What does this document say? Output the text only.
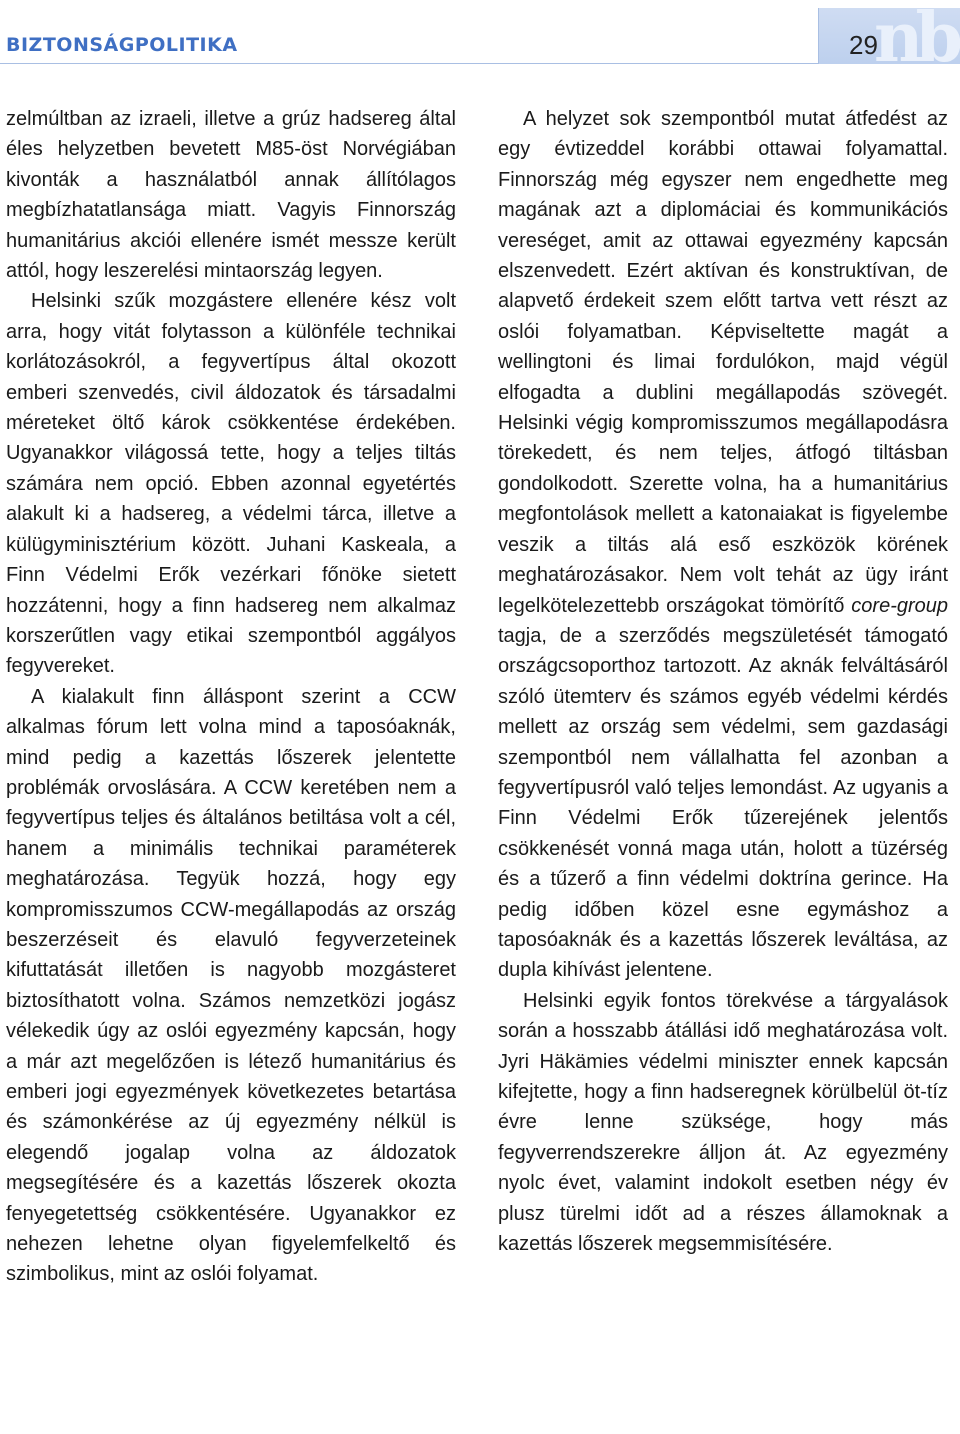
BIZTONSÁGPOLITIKA	nb
29

zelmúltban az izraeli, illetve a grúz hadsereg által éles helyzetben bevetett M85-öst Norvégiában kivonták a használatból annak állítólagos megbízhatatlansága miatt. Vagyis Finnország humanitárius akciói ellenére ismét messze került attól, hogy leszerelési mintaország legyen.

Helsinki szűk mozgástere ellenére kész volt arra, hogy vitát folytasson a különféle technikai korlátozásokról, a fegyvertípus által okozott emberi szenvedés, civil áldozatok és társadalmi méreteket öltő károk csökkentése érdekében. Ugyanakkor világossá tette, hogy a teljes tiltás számára nem opció. Ebben azonnal egyetértés alakult ki a hadsereg, a védelmi tárca, illetve a külügyminisztérium között. Juhani Kaskeala, a Finn Védelmi Erők vezérkari főnöke sietett hozzátenni, hogy a finn hadsereg nem alkalmaz korszerűtlen vagy etikai szempontból aggályos fegyvereket.

A kialakult finn álláspont szerint a CCW alkalmas fórum lett volna mind a taposóaknák, mind pedig a kazettás lőszerek jelentette problémák orvoslására. A CCW keretében nem a fegyvertípus teljes és általános betiltása volt a cél, hanem a minimális technikai paraméterek meghatározása. Tegyük hozzá, hogy egy kompromisszumos CCW-megállapodás az ország beszerzéseit és elavuló fegyverzeteinek kifuttatását illetően is nagyobb mozgásteret biztosíthatott volna. Számos nemzetközi jogász vélekedik úgy az oslói egyezmény kapcsán, hogy a már azt megelőzően is létező humanitárius és emberi jogi egyezmények következetes betartása és számonkérése az új egyezmény nélkül is elegendő jogalap volna az áldozatok megsegítésére és a kazettás lőszerek okozta fenyegetettség csökkentésére. Ugyanakkor ez nehezen lehetne olyan figyelemfelkeltő és szimbolikus, mint az oslói folyamat.

A helyzet sok szempontból mutat átfedést az egy évtizeddel korábbi ottawai folyamattal. Finnország még egyszer nem engedhette meg magának azt a diplomáciai és kommunikációs vereséget, amit az ottawai egyezmény kapcsán elszenvedett. Ezért aktívan és konstruktívan, de alapvető érdekeit szem előtt tartva vett részt az oslói folyamatban. Képviseltette magát a wellingtoni és limai fordulókon, majd végül elfogadta a dublini megállapodás szövegét. Helsinki végig kompromisszumos megállapodásra törekedett, és nem teljes, átfogó tiltásban gondolkodott. Szerette volna, ha a humanitárius megfontolások mellett a katonaiakat is figyelembe veszik a tiltás alá eső eszközök körének meghatározásakor. Nem volt tehát az ügy iránt legelkötelezettebb országokat tömörítő core-group tagja, de a szerződés megszületését támogató országcsoporthoz tartozott. Az aknák felváltásáról szóló ütemterv és számos egyéb védelmi kérdés mellett az ország sem védelmi, sem gazdasági szempontból nem vállalhatta fel azonban a fegyvertípusról való teljes lemondást. Az ugyanis a Finn Védelmi Erők tűzerejének jelentős csökkenését vonná maga után, holott a tüzérség és a tűzerő a finn védelmi doktrína gerince. Ha pedig időben közel esne egymáshoz a taposóaknák és a kazettás lőszerek leváltása, az dupla kihívást jelentene.

Helsinki egyik fontos törekvése a tárgyalások során a hosszabb átállási idő meghatározása volt. Jyri Häkämies védelmi miniszter ennek kapcsán kifejtette, hogy a finn hadseregnek körülbelül öt-tíz évre lenne szüksége, hogy más fegyverrendszerekre álljon át. Az egyezmény nyolc évet, valamint indokolt esetben négy év plusz türelmi időt ad a részes államoknak a kazettás lőszerek megsemmisítésére.
